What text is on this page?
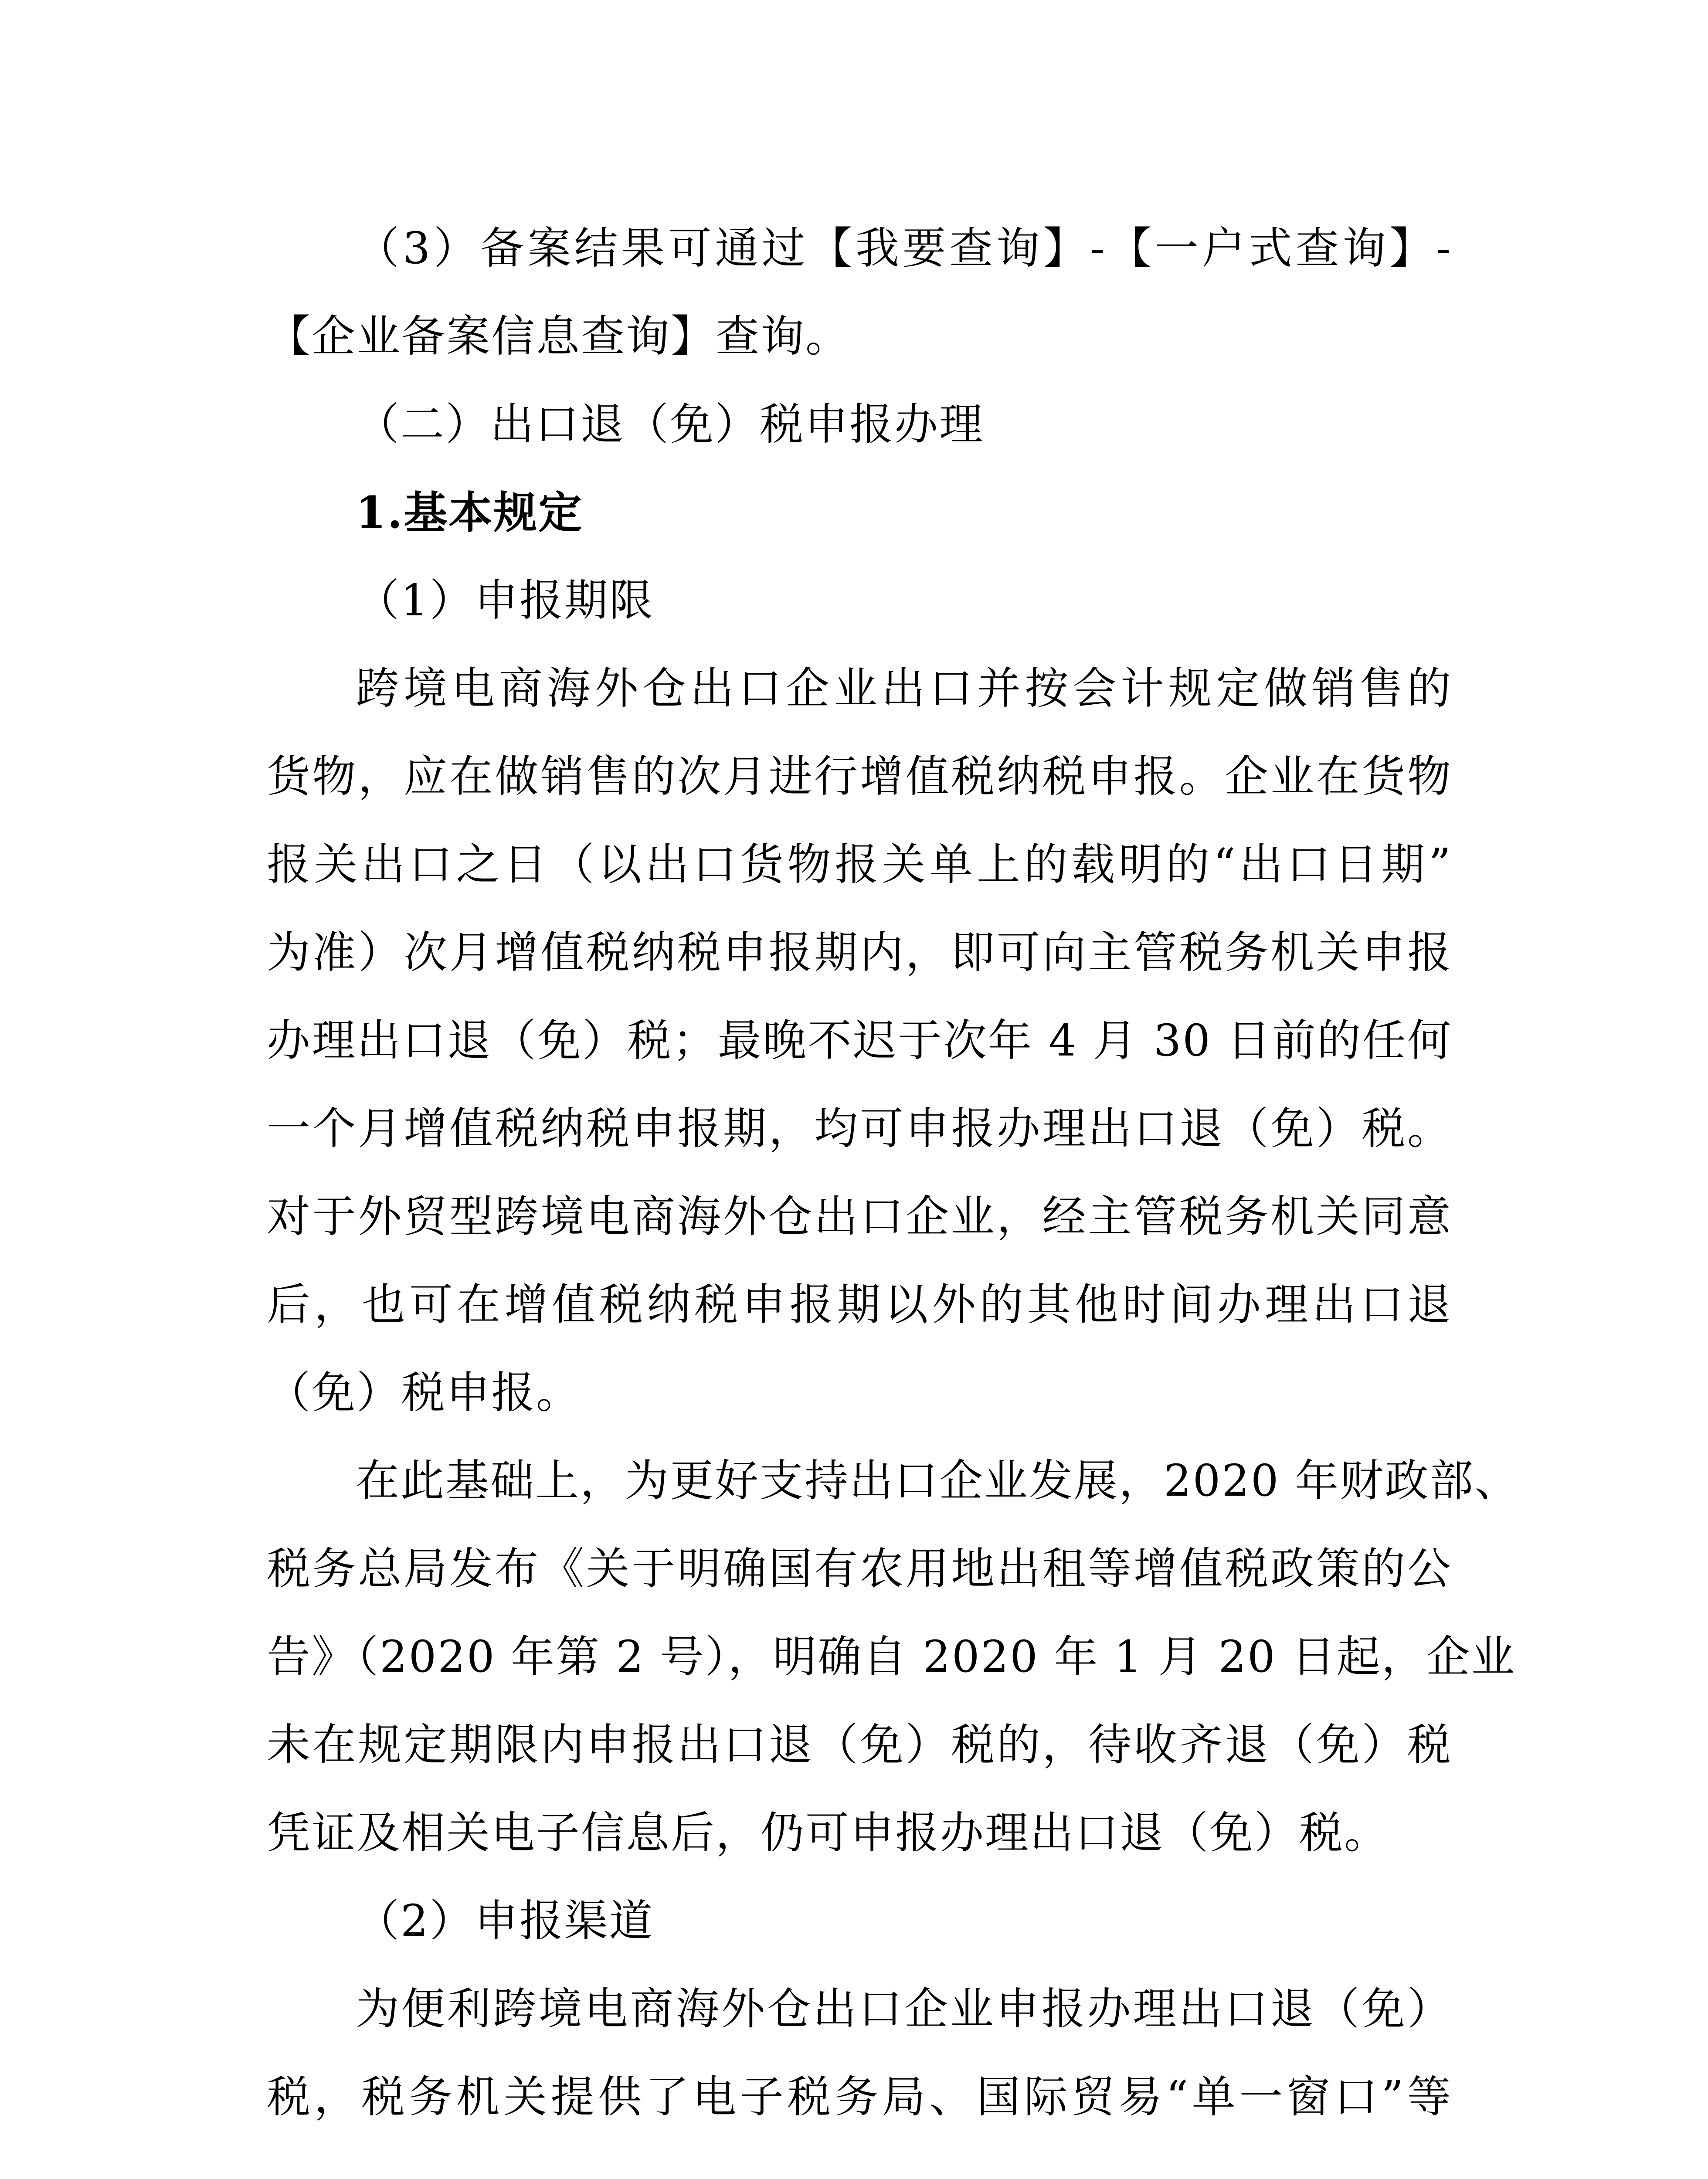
（3）备案结果可通过【我要查询】-【一户式查询】-
【企业备案信息查询】查询。
（二）出口退（免）税申报办理
1.基本规定
（1）申报期限
跨境电商海外仓出口企业出口并按会计规定做销售的
货物，应在做销售的次月进行增值税纳税申报。企业在货物
报关出口之日（以出口货物报关单上的载明的“出口日期”
为准）次月增值税纳税申报期内，即可向主管税务机关申报
办理出口退（免）税；最晚不迟于次年 4 月 30 日前的任何
一个月增值税纳税申报期，均可申报办理出口退（免）税。
对于外贸型跨境电商海外仓出口企业，经主管税务机关同意
后，也可在增值税纳税申报期以外的其他时间办理出口退
（免）税申报。
在此基础上，为更好支持出口企业发展，2020 年财政部、
税务总局发布《关于明确国有农用地出租等增值税政策的公
告》（2020 年第 2 号），明确自 2020 年 1 月 20 日起，企业
未在规定期限内申报出口退（免）税的，待收齐退（免）税
凭证及相关电子信息后，仍可申报办理出口退（免）税。
（2）申报渠道
为便利跨境电商海外仓出口企业申报办理出口退（免）
税，税务机关提供了电子税务局、国际贸易“单一窗口”等
